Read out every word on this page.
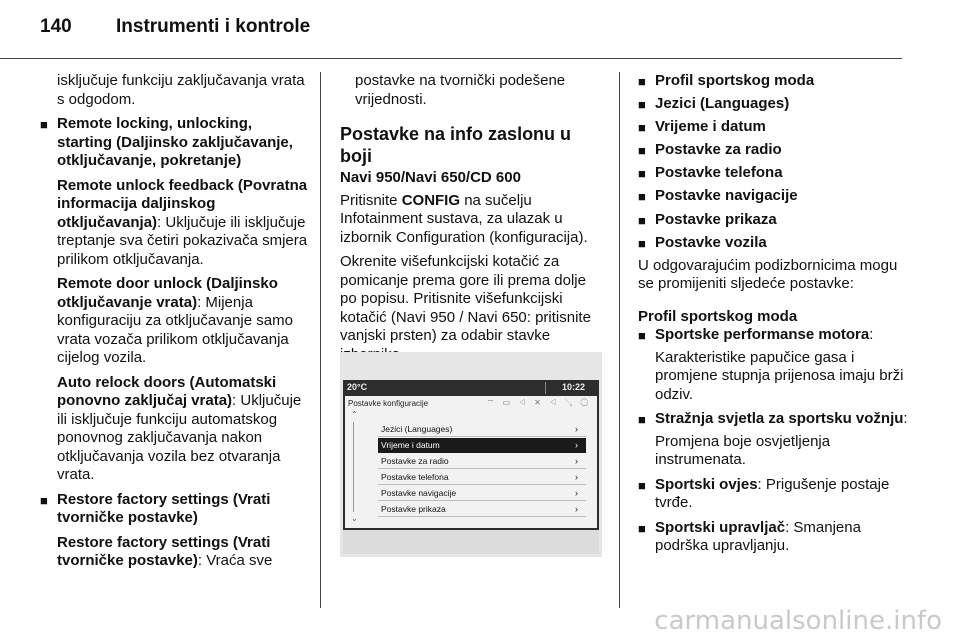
140	Instrumenti i kontrole

isključuje funkciju zaključavanja vrata s odgodom.

■ Remote locking, unlocking, starting (Daljinsko zaključavanje, otključavanje, pokretanje)

Remote unlock feedback (Povratna informacija daljinskog otključavanja): Uključuje ili isključuje treptanje sva četiri pokazivača smjera prilikom otključavanja.

Remote door unlock (Daljinsko otključavanje vrata): Mijenja konfiguraciju za otključavanje samo vrata vozača prilikom otključavanja cijelog vozila.

Auto relock doors (Automatski ponovno zaključaj vrata): Uključuje ili isključuje funkciju automatskog ponovnog zaključavanja nakon otključavanja vozila bez otvaranja vrata.

■ Restore factory settings (Vrati tvorničke postavke)

Restore factory settings (Vrati tvorničke postavke): Vraća sve

postavke na tvornički podešene vrijednosti.

Postavke na info zaslonu u boji

Navi 950/Navi 650/CD 600

Pritisnite CONFIG na sučelju Infotainment sustava, za ulazak u izbornik Configuration (konfiguracija).

Okrenite višefunkcijski kotačić za pomicanje prema gore ili prema dolje po popisu. Pritisnite višefunkcijski kotačić (Navi 950 / Navi 650: pritisnite vanjski prsten) za odabir stavke

20°C	10:22
Postavke konfiguracije	⌔ ▭ ◁ ✕ ◁ ↘ ◯
⌃
⌄
Jezici (Languages)	›
Vrijeme i datum	›
Postavke za radio	›
Postavke telefona	›
Postavke navigacije	›
Postavke prikaza	›
■ Profil sportskog moda
■ Jezici (Languages)
■ Vrijeme i datum
■ Postavke za radio
■ Postavke telefona
■ Postavke navigacije
■ Postavke prikaza
■ Postavke vozila

U odgovarajućim podizbornicima mogu se promijeniti sljedeće postavke:

Profil sportskog moda

■ Sportske performanse motora:

Karakteristike papučice gasa i promjene stupnja prijenosa imaju brži odziv.

■ Stražnja svjetla za sportsku vožnju:

Promjena boje osvjetljenja instrumenata.

■ Sportski ovjes: Prigušenje postaje tvrđe.
■ Sportski upravljač: Smanjena podrška upravljanju.
carmanualsonline.info
